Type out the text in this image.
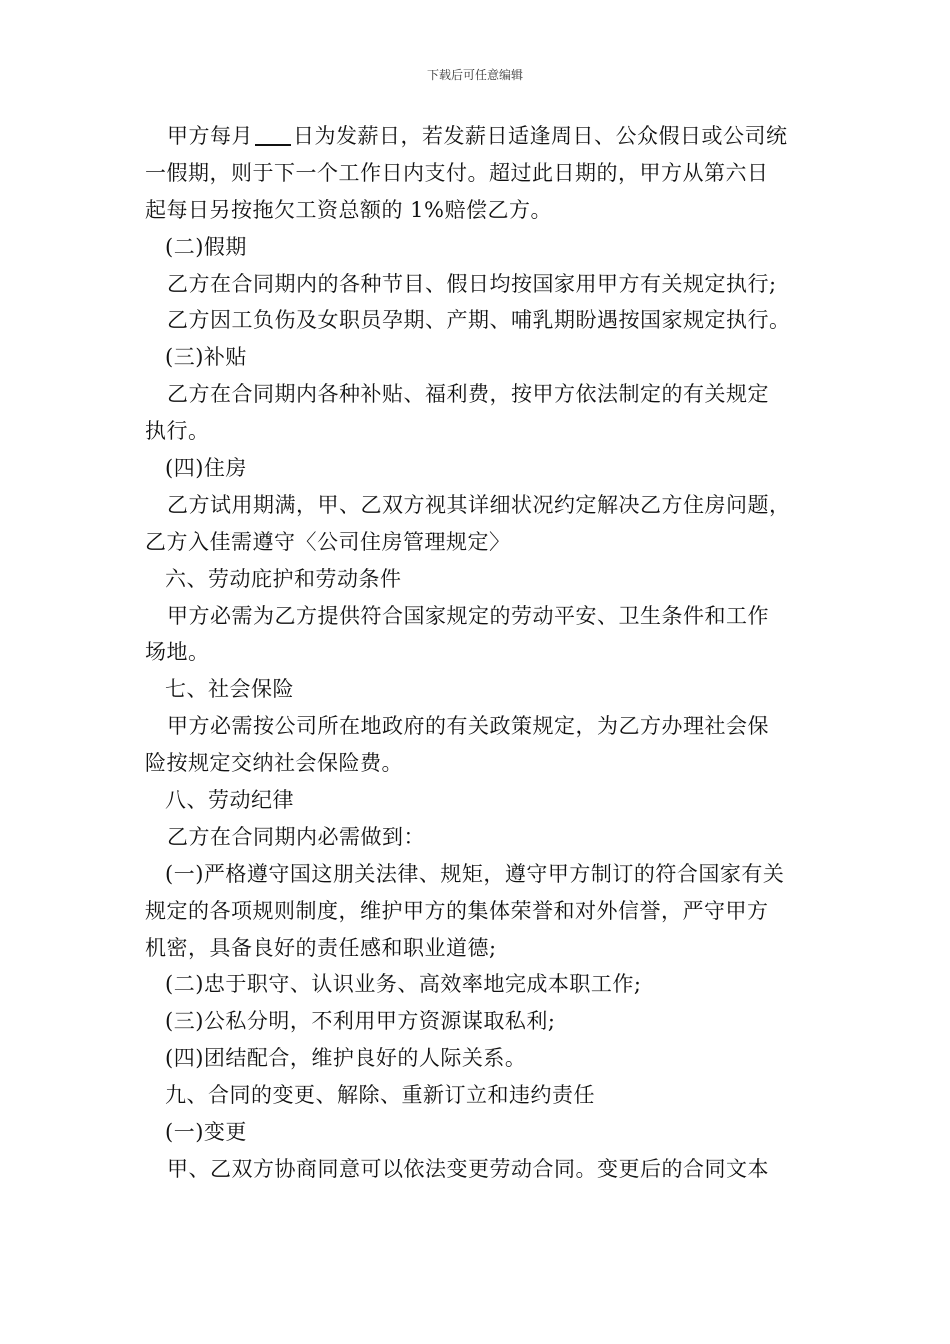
下载后可任意编辑
甲方每月 日为发薪日，若发薪日适逢周日、公众假日或公司统
一假期，则于下一个工作日内支付。超过此日期的，甲方从第六日
起每日另按拖欠工资总额的 1%赔偿乙方。
(二)假期
乙方在合同期内的各种节目、假日均按国家用甲方有关规定执行;
乙方因工负伤及女职员孕期、产期、哺乳期盼遇按国家规定执行。
(三)补贴
乙方在合同期内各种补贴、福利费，按甲方依法制定的有关规定
执行。
(四)住房
乙方试用期满，甲、乙双方视其详细状况约定解决乙方住房问题，
乙方入佳需遵守〈公司住房管理规定〉
六、劳动庇护和劳动条件
甲方必需为乙方提供符合国家规定的劳动平安、卫生条件和工作
场地。
七、社会保险
甲方必需按公司所在地政府的有关政策规定，为乙方办理社会保
险按规定交纳社会保险费。
八、劳动纪律
乙方在合同期内必需做到：
(一)严格遵守国这朋关法律、规矩，遵守甲方制订的符合国家有关
规定的各项规则制度，维护甲方的集体荣誉和对外信誉，严守甲方
机密，具备良好的责任感和职业道德;
(二)忠于职守、认识业务、高效率地完成本职工作;
(三)公私分明，不利用甲方资源谋取私利;
(四)团结配合，维护良好的人际关系。
九、合同的变更、解除、重新订立和违约责任
(一)变更
甲、乙双方协商同意可以依法变更劳动合同。变更后的合同文本
